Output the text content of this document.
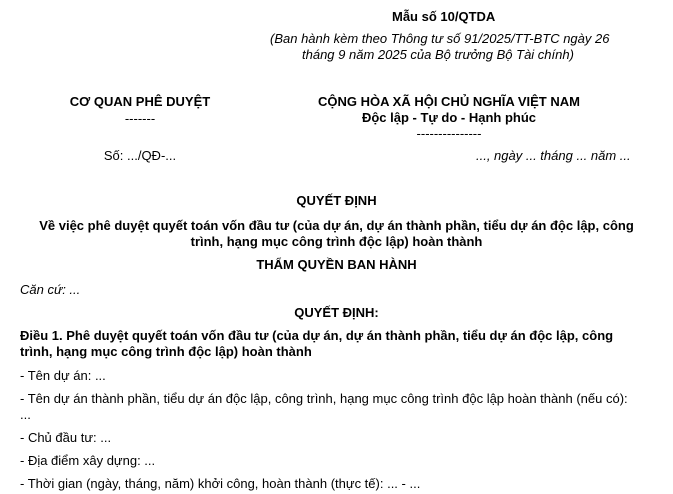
Mẫu số 10/QTDA
(Ban hành kèm theo Thông tư số 91/2025/TT-BTC ngày 26
tháng 9 năm 2025 của Bộ trưởng Bộ Tài chính)
CƠ QUAN PHÊ DUYỆT
-------
Số: .../QĐ-...
CỘNG HÒA XÃ HỘI CHỦ NGHĨA VIỆT NAM
Độc lập - Tự do - Hạnh phúc
---------------
..., ngày ... tháng ... năm ...
QUYẾT ĐỊNH
Về việc phê duyệt quyết toán vốn đầu tư (của dự án, dự án thành phần, tiểu dự án độc lập, công
trình, hạng mục công trình độc lập) hoàn thành
THẨM QUYỀN BAN HÀNH
Căn cứ: ...
QUYẾT ĐỊNH:
Điều 1. Phê duyệt quyết toán vốn đầu tư (của dự án, dự án thành phần, tiểu dự án độc lập, công
trình, hạng mục công trình độc lập) hoàn thành
- Tên dự án: ...
- Tên dự án thành phần, tiểu dự án độc lập, công trình, hạng mục công trình độc lập hoàn thành (nếu có):
...
- Chủ đầu tư: ...
- Địa điểm xây dựng: ...
- Thời gian (ngày, tháng, năm) khởi công, hoàn thành (thực tế): ... - ...
